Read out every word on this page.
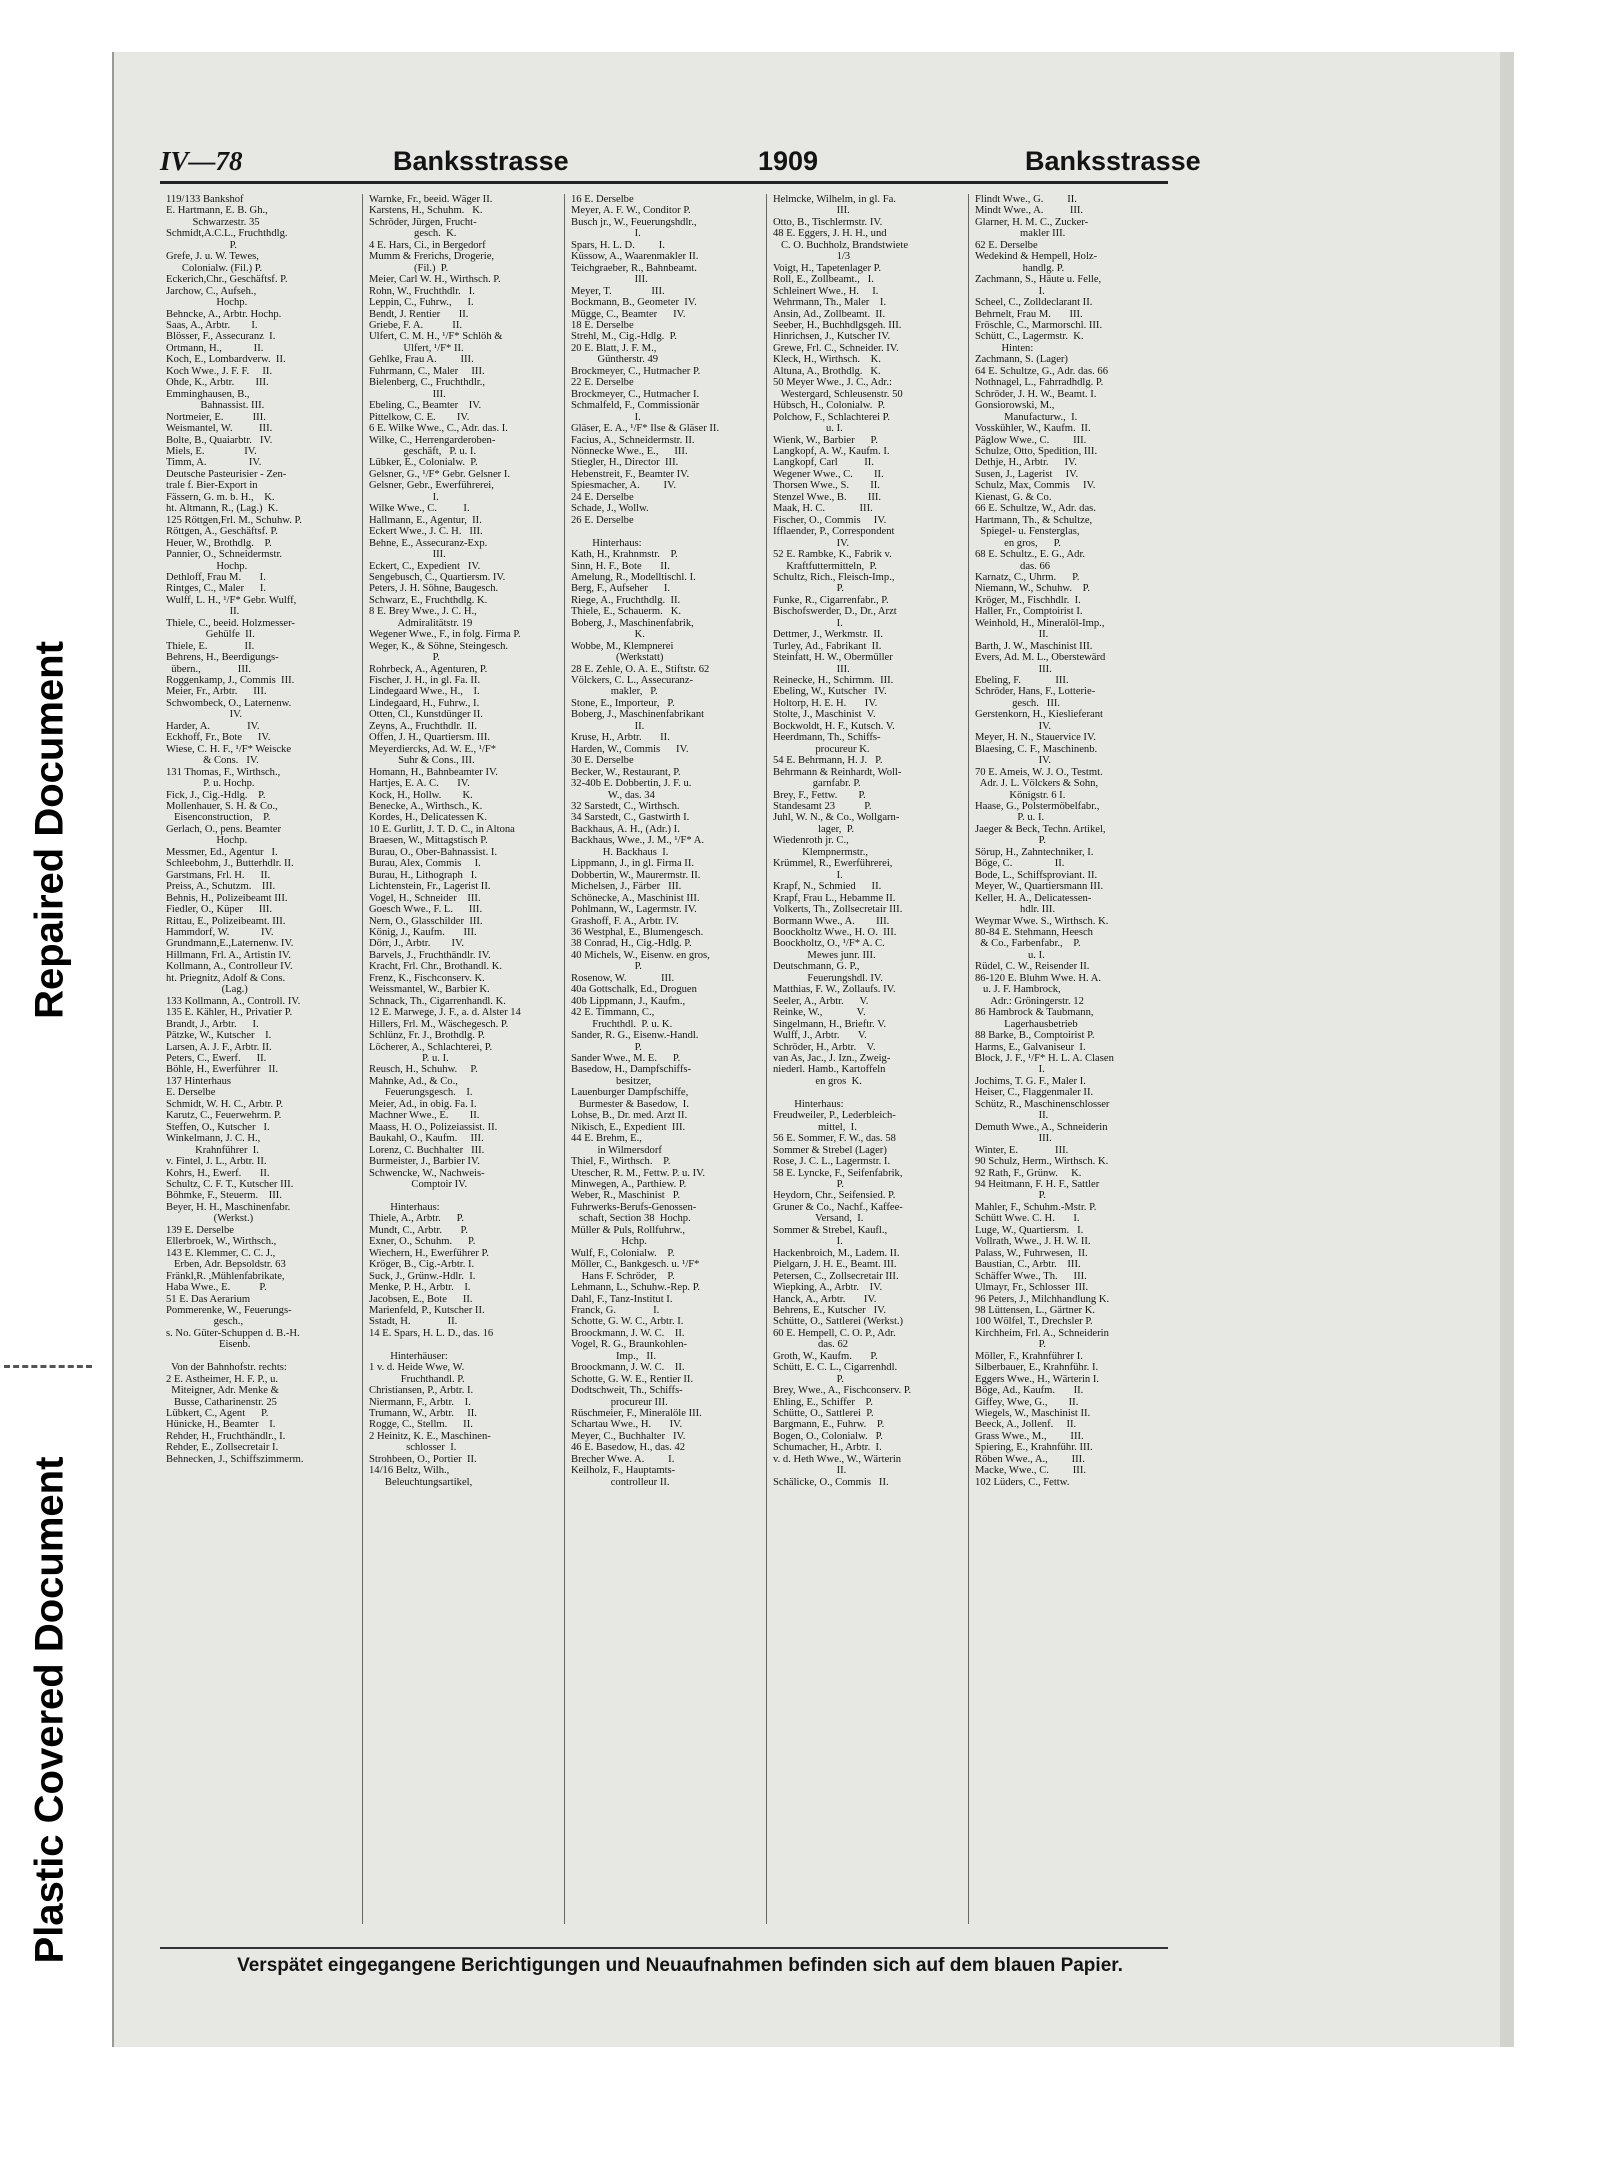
Repaired Document
Plastic Covered Document
IV—78	Banksstrasse	1909	Banksstrasse
119/133 Bankshof
E. Hartmann, E. B. Gh.,
Schwarzestr. 35
Schmidt,A.C.L., Fruchthdlg.
P.
Grefe, J. u. W. Tewes,
Colonialw. (Fil.) P.
Eckerich,Chr., Geschäftsf. P.
Jarchow, C., Aufseh.,
Hochp.
Behncke, A., Arbtr. Hochp.
Saas, A., Arbtr.        I.
Blösser, F., Assecuranz  I.
Ortmann, H.,            II.
Koch, E., Lombardverw.  II.
Koch Wwe., J. F. F.     II.
Ohde, K., Arbtr.        III.
Emminghausen, B.,
Bahnassist. III.
Nortmeier, E.           III.
Weismantel, W.          III.
Bolte, B., Quaiarbtr.   IV.
Miels, E.               IV.
Timm, A.                IV.
Deutsche Pasteurisier - Zen-
trale f. Bier-Export in
Fässern, G. m. b. H.,    K.
ht. Altmann, R., (Lag.)  K.
125 Röttgen,Frl. M., Schuhw. P.
Röttgen, A., Geschäftsf. P.
Heuer, W., Brothdlg.    P.
Pannier, O., Schneidermstr.
Hochp.
Dethloff, Frau M.       I.
Rintges, C., Maler      I.
Wulff, L. H., ¹/F* Gebr. Wulff,
II.
Thiele, C., beeid. Holzmesser-
Gehülfe  II.
Thiele, E.              II.
Behrens, H., Beerdigungs-
übern.,              III.
Roggenkamp, J., Commis  III.
Meier, Fr., Arbtr.      III.
Schwombeck, O., Laternenw.
IV.
Harder, A.              IV.
Eckhoff, Fr., Bote      IV.
Wiese, C. H. F., ¹/F* Weiscke
& Cons.   IV.
131 Thomas, F., Wirthsch.,
P. u. Hochp.
Fick, J., Cig.-Hdlg.    P.
Mollenhauer, S. H. & Co.,
Eisenconstruction,    P.
Gerlach, O., pens. Beamter
Hochp.
Messmer, Ed., Agentur   I.
Schleebohm, J., Butterhdlr. II.
Garstmans, Frl. H.      II.
Preiss, A., Schutzm.    III.
Behnis, H., Polizeibeamt III.
Fiedler, O., Küper      III.
Rittau, E., Polizeibeamt. III.
Hammdorf, W.            IV.
Grundmann,E.,Laternenw. IV.
Hillmann, Frl. A., Artistin IV.
Kollmann, A., Controlleur IV.
ht. Priegnitz, Adolf & Cons.
(Lag.)
133 Kollmann, A., Controll. IV.
135 E. Kähler, H., Privatier P.
Brandt, J., Arbtr.      I.
Pätzke, W., Kutscher    I.
Larsen, A. J. F., Arbtr. II.
Peters, C., Ewerf.      II.
Böhle, H., Ewerführer   II.
137 Hinterhaus
E. Derselbe
Schmidt, W. H. C., Arbtr. P.
Karutz, C., Feuerwehrm. P.
Steffen, O., Kutscher   I.
Winkelmann, J. C. H.,
Krahnführer  I.
v. Fintel, J. L., Arbtr. II.
Kohrs, H., Ewerf.       II.
Schultz, C. F. T., Kutscher III.
Böhmke, F., Steuerm.    III.
Beyer, H. H., Maschinenfabr.
(Werkst.)
139 E. Derselbe
Ellerbroek, W., Wirthsch.,
143 E. Klemmer, C. C. J.,
Erben, Adr. Bepsoldstr. 63
Fränkl,R. ,Mühlenfabrikate,
Haba Wwe., E.           P.
51 E. Das Aerarium
Pommerenke, W., Feuerungs-
gesch.,
s. No. Güter-Schuppen d. B.-H.
Eisenb.

Von der Bahnhofstr. rechts:
2 E. Astheimer, H. F. P., u.
Miteigner, Adr. Menke &
Busse, Catharinenstr. 25
Lübkert, C., Agent      P.
Hünicke, H., Beamter    I.
Rehder, H., Fruchthändlr., I.
Rehder, E., Zollsecretair I.
Behnecken, J., Schiffszimmerm.
Warnke, Fr., beeid. Wäger II.
Karstens, H., Schuhm.   K.
Schröder, Jürgen, Frucht-
gesch.  K.
4 E. Hars, Ci., in Bergedorf
Mumm & Frerichs, Drogerie,
(Fil.)  P.
Meier, Carl W. H., Wirthsch. P.
Rohn, W., Fruchthdlr.   I.
Leppin, C., Fuhrw.,      I.
Bendt, J. Rentier       II.
Griebe, F. A.           II.
Ulfert, C. M. H., ¹/F* Schlöh &
Ulfert, ¹/F* II.
Gehlke, Frau A.         III.
Fuhrmann, C., Maler     III.
Bielenberg, C., Fruchthdlr.,
III.
Ebeling, C., Beamter    IV.
Pittelkow, C. E.        IV.
6 E. Wilke Wwe., C., Adr. das. I.
Wilke, C., Herrengarderoben-
geschäft,   P. u. I.
Lübker, E., Colonialw.  P.
Gelsner, G., ¹/F* Gebr. Gelsner I.
Gelsner, Gebr., Ewerführerei,
I.
Wilke Wwe., C.          I.
Hallmann, E., Agentur,  II.
Eckert Wwe., J. C. H.   III.
Behne, E., Assecuranz-Exp.
III.
Eckert, C., Expedient   IV.
Sengebusch, C., Quartiersm. IV.
Peters, J. H. Söhne, Baugesch.
Schwarz, E., Fruchthdlg. K.
8 E. Brey Wwe., J. C. H.,
Admiralitätstr. 19
Wegener Wwe., F., in folg. Firma P.
Weger, K., & Söhne, Steingesch.
P.
Rohrbeck, A., Agenturen, P.
Fischer, J. H., in gl. Fa. II.
Lindegaard Wwe., H.,    I.
Lindegaard, H., Fuhrw., I.
Otten, Cl., Kunstdünger II.
Zeyns, A., Fruchthdlr.  II.
Offen, J. H., Quartiersm. III.
Meyerdiercks, Ad. W. E., ¹/F*
Suhr & Cons., III.
Homann, H., Bahnbeamter IV.
Hartjes, E. A. C.       IV.
Kock, H., Hollw.        K.
Benecke, A., Wirthsch., K.
Kordes, H., Delicatessen K.
10 E. Gurlitt, J. T. D. C., in Altona
Braesen, W., Mittagstisch P.
Burau, O., Ober-Bahnassist. I.
Burau, Alex, Commis     I.
Burau, H., Lithograph   I.
Lichtenstein, Fr., Lagerist II.
Vogel, H., Schneider    III.
Goesch Wwe., F. L.      III.
Nern, O., Glasschilder  III.
König, J., Kaufm.       III.
Dörr, J., Arbtr.        IV.
Barvels, J., Fruchthändlr. IV.
Kracht, Frl. Chr., Brothandl. K.
Frenz, K., Fischconserv. K.
Weissmantel, W., Barbier K.
Schnack, Th., Cigarrenhandl. K.
12 E. Marwege, J. F., a. d. Alster 14
Hillers, Frl. M., Wäschegesch. P.
Schlünz, Fr. J., Brothdlg. P.
Löcherer, A., Schlachterei, P.
P. u. I.
Reusch, H., Schuhw.     P.
Mahnke, Ad., & Co.,
Feuerungsgesch.    I.
Meier, Ad., in obig. Fa. I.
Machner Wwe., E.        II.
Maass, H. O., Polizeiassist. II.
Baukahl, O., Kaufm.     III.
Lorenz, C. Buchhalter   III.
Burmeister, J., Barbier IV.
Schwencke, W., Nachweis-
Comptoir IV.

Hinterhaus:
Thiele, A., Arbtr.      P.
Mundt, C., Arbtr.       P.
Exner, O., Schuhm.      P.
Wiechern, H., Ewerführer P.
Kröger, B., Cig.-Arbtr. I.
Suck, J., Grünw.-Hdlr.  I.
Menke, P. H., Arbtr.    I.
Jacobsen, E., Bote      II.
Marienfeld, P., Kutscher II.
Sstadt, H.              II.
14 E. Spars, H. L. D., das. 16

Hinterhäuser:
1 v. d. Heide Wwe, W.
Fruchthandl. P.
Christiansen, P., Arbtr. I.
Niermann, F., Arbtr.    I.
Trumann, W., Arbtr.     II.
Rogge, C., Stellm.      II.
2 Heinitz, K. E., Maschinen-
schlosser  I.
Strohbeen, O., Portier  II.
14/16 Beltz, Wilh.,
Beleuchtungsartikel,
16 E. Derselbe
Meyer, A. F. W., Conditor P.
Busch jr., W., Feuerungshdlr.,
I.
Spars, H. L. D.         I.
Küssow, A., Waarenmakler II.
Teichgraeber, R., Bahnbeamt.
III.
Meyer, T.               III.
Bockmann, B., Geometer  IV.
Mügge, C., Beamter      IV.
18 E. Derselbe
Strehl, M., Cig.-Hdlg.  P.
20 E. Blatt, J. F. M.,
Güntherstr. 49
Brockmeyer, C., Hutmacher P.
22 E. Derselbe
Brockmeyer, C., Hutmacher I.
Schmalfeld, F., Commissionär
I.
Gläser, E. A., ¹/F* Ilse & Gläser II.
Facius, A., Schneidermstr. II.
Nönnecke Wwe., E.,      III.
Stiegler, H., Director  III.
Hebenstreit, F., Beamter IV.
Spiesmacher, A.         IV.
24 E. Derselbe
Schade, J., Wollw.
26 E. Derselbe

Hinterhaus:
Kath, H., Krahnmstr.    P.
Sinn, H. F., Bote       II.
Amelung, R., Modelltischl. I.
Berg, F., Aufseher      I.
Riege, A., Fruchthdlg.  II.
Thiele, E., Schauerm.   K.
Boberg, J., Maschinenfabrik,
K.
Wobbe, M., Klempnerei
(Werkstatt)
28 E. Zehle, O. A. E., Stiftstr. 62
Völckers, C. L., Assecuranz-
makler,   P.
Stone, E., Importeur,   P.
Boberg, J., Maschinenfabrikant
II.
Kruse, H., Arbtr.       II.
Harden, W., Commis      IV.
30 E. Derselbe
Becker, W., Restaurant, P.
32-40b E. Dobbertin, J. F. u.
W., das. 34
32 Sarstedt, C., Wirthsch.
34 Sarstedt, C., Gastwirth I.
Backhaus, A. H., (Adr.) I.
Backhaus, Wwe., J. M., ¹/F* A.
H. Backhaus  I.
Lippmann, J., in gl. Firma II.
Dobbertin, W., Maurermstr. II.
Michelsen, J., Färber   III.
Schönecke, A., Maschinist III.
Pohlmann, W., Lagermstr. IV.
Grashoff, F. A., Arbtr. IV.
36 Westphal, E., Blumengesch.
38 Conrad, H., Cig.-Hdlg. P.
40 Michels, W., Eisenw. en gros,
P.
Rosenow, W.             III.
40a Gottschalk, Ed., Droguen
40b Lippmann, J., Kaufm.,
42 E. Timmann, C.,
Fruchthdl.  P. u. K.
Sander, R. G., Eisenw.-Handl.
P.
Sander Wwe., M. E.      P.
Basedow, H., Dampfschiffs-
besitzer,
Lauenburger Dampfschiffe,
Burmester & Basedow,  I.
Lohse, B., Dr. med. Arzt II.
Nikisch, E., Expedient  III.
44 E. Brehm, E.,
in Wilmersdorf
Thiel, F., Wirthsch.    P.
Utescher, R. M., Fettw. P. u. IV.
Minwegen, A., Parthiew. P.
Weber, R., Maschinist   P.
Fuhrwerks-Berufs-Genossen-
schaft, Section 38  Hochp.
Müller & Puls, Rollfuhrw.,
Hchp.
Wulf, F., Colonialw.    P.
Möller, C., Bankgesch. u. ¹/F*
Hans F. Schröder,    P.
Lehmann, L., Schuhw.-Rep. P.
Dahl, F., Tanz-Institut I.
Franck, G.              I.
Schotte, G. W. C., Arbtr. I.
Broockmann, J. W. C.    II.
Vogel, R. G., Braunkohlen-
Imp.,   II.
Broockmann, J. W. C.    II.
Schotte, G. W. E., Rentier II.
Dodtschweit, Th., Schiffs-
procureur III.
Rüschmeier, F., Mineralöle III.
Schartau Wwe., H.       IV.
Meyer, C., Buchhalter   IV.
46 E. Basedow, H., das. 42
Brecher Wwe. A.         I.
Keilholz, F., Hauptamts-
controlleur II.
Helmcke, Wilhelm, in gl. Fa.
III.
Otto, B., Tischlermstr. IV.
48 E. Eggers, J. H. H., und
C. O. Buchholz, Brandstwiete
1/3
Voigt, H., Tapetenlager P.
Roll, E., Zollbeamt.,   I.
Schleinert Wwe., H.     I.
Wehrmann, Th., Maler    I.
Ansin, Ad., Zollbeamt.  II.
Seeber, H., Buchhdlgsgeh. III.
Hinrichsen, J., Kutscher IV.
Grewe, Frl. C., Schneider. IV.
Kleck, H., Wirthsch.    K.
Altuna, A., Brothdlg.   K.
50 Meyer Wwe., J. C., Adr.:
Westergard, Schleusenstr. 50
Hübsch, H., Colonialw.  P.
Polchow, F., Schlachterei P.
u. I.
Wienk, W., Barbier      P.
Langkopf, A. W., Kaufm. I.
Langkopf, Carl          II.
Wegener Wwe., C.        II.
Thorsen Wwe., S.        II.
Stenzel Wwe., B.        III.
Maak, H. C.             III.
Fischer, O., Commis     IV.
Ifflaender, P., Correspondent
IV.
52 E. Rambke, K., Fabrik v.
Kraftfuttermitteln,  P.
Schultz, Rich., Fleisch-Imp.,
P.
Funke, R., Cigarrenfabr., P.
Bischofswerder, D., Dr., Arzt
I.
Dettmer, J., Werkmstr.  II.
Turley, Ad., Fabrikant  II.
Steinfatt, H. W., Obermüller
III.
Reinecke, H., Schirmm.  III.
Ebeling, W., Kutscher   IV.
Holtorp, H. E. H.       IV.
Stolte, J., Maschinist  V.
Bockwoldt, H. F., Kutsch. V.
Heerdmann, Th., Schiffs-
procureur K.
54 E. Behrmann, H. J.   P.
Behrmann & Reinhardt, Woll-
garnfabr. P.
Brey, F., Fettw.        P.
Standesamt 23           P.
Juhl, W. N., & Co., Wollgarn-
lager,  P.
Wiedenroth jr. C.,
Klempnermstr.,
Krümmel, R., Ewerführerei,
I.
Krapf, N., Schmied      II.
Krapf, Frau L., Hebamme II.
Volkerts, Th., Zollsecretair III.
Bormann Wwe., A.        III.
Boockholtz Wwe., H. O.  III.
Boockholtz, O., ¹/F* A. C.
Mewes junr. III.
Deutschmann, G. P.,
Feuerungshdl. IV.
Matthias, F. W., Zollaufs. IV.
Seeler, A., Arbtr.      V.
Reinke, W.,             V.
Singelmann, H., Brieftr. V.
Wulff, J., Arbtr.       V.
Schröder, H., Arbtr.    V.
van As, Jac., J. Izn., Zweig-
niederl. Hamb., Kartoffeln
en gros  K.

Hinterhaus:
Freudweiler, P., Lederbleich-
mittel,  I.
56 E. Sommer, F. W., das. 58
Sommer & Strebel (Lager)
Rose, J. C. L., Lagermstr. I.
58 E. Lyncke, F., Seifenfabrik,
P.
Heydorn, Chr., Seifensied. P.
Gruner & Co., Nachf., Kaffee-
Versand,  I.
Sommer & Strebel, Kaufl.,
I.
Hackenbroich, M., Ladem. II.
Pielgarn, J. H. E., Beamt. III.
Petersen, C., Zollsecretair III.
Wiepking, A., Arbtr.    IV.
Hanck, A., Arbtr.       IV.
Behrens, E., Kutscher   IV.
Schütte, O., Sattlerei (Werkst.)
60 E. Hempell, C. O. P., Adr.
das. 62
Groth, W., Kaufm.       P.
Schütt, E. C. L., Cigarrenhdl.
P.
Brey, Wwe., A., Fischconserv. P.
Ehling, E., Schiffer    P.
Schütte, O., Sattlerei  P.
Bargmann, E., Fuhrw.    P.
Bogen, O., Colonialw.   P.
Schumacher, H., Arbtr.  I.
v. d. Heth Wwe., W., Wärterin
II.
Schälicke, O., Commis   II.
Flindt Wwe., G.         II.
Mindt Wwe., A.          III.
Glarner, H. M. C., Zucker-
makler III.
62 E. Derselbe
Wedekind & Hempell, Holz-
handlg. P.
Zachmann, S., Häute u. Felle,
I.
Scheel, C., Zolldeclarant II.
Behrnelt, Frau M.       III.
Fröschle, C., Marmorschl. III.
Schütt, C., Lagermstr.  K.
Hinten:
Zachmann, S. (Lager)
64 E. Schultze, G., Adr. das. 66
Nothnagel, L., Fahrradhdlg. P.
Schröder, J. H. W., Beamt. I.
Gonsiorowski, M.,
Manufacturw.,  I.
Vosskühler, W., Kaufm.  II.
Päglow Wwe., C.         III.
Schulze, Otto, Spedition, III.
Dethje, H., Arbtr.      IV.
Susen, J., Lagerist     IV.
Schulz, Max, Commis     IV.
Kienast, G. & Co.
66 E. Schultze, W., Adr. das.
Hartmann, Th., & Schultze,
Spiegel- u. Fensterglas,
en gros,      P.
68 E. Schultz., E. G., Adr.
das. 66
Karnatz, C., Uhrm.      P.
Niemann, W., Schuhw.    P.
Kröger, M., Fischhdlr.  I.
Haller, Fr., Comptoirist I.
Weinhold, H., Mineralöl-Imp.,
II.
Barth, J. W., Maschinist III.
Evers, Ad. M. L., Oberstewärd
III.
Ebeling, F.             III.
Schröder, Hans, F., Lotterie-
gesch.   III.
Gerstenkorn, H., Kieslieferant
IV.
Meyer, H. N., Stauervice IV.
Blaesing, C. F., Maschinenb.
IV.
70 E. Ameis, W. J. O., Testmt.
Adr. J. L. Völckers & Sohn,
Königstr. 6 I.
Haase, G., Polstermöbelfabr.,
P. u. I.
Jaeger & Beck, Techn. Artikel,
P.
Sörup, H., Zahntechniker, I.
Böge, C.                II.
Bode, L., Schiffsproviant. II.
Meyer, W., Quartiersmann III.
Keller, H. A., Delicatessen-
hdlr. III.
Weymar Wwe. S., Wirthsch. K.
80-84 E. Stehmann, Heesch
& Co., Farbenfabr.,    P.
u. I.
Rüdel, C. W., Reisender II.
86-120 E. Bluhm Wwe. H. A.
u. J. F. Hambrock,
Adr.: Gröningerstr. 12
86 Hambrock & Taubmann,
Lagerhausbetrieb
88 Barke, B., Comptoirist P.
Harms, E., Galvaniseur  I.
Block, J. F., ¹/F* H. L. A. Clasen
I.
Jochims, T. G. F., Maler I.
Heiser, C., Flaggenmaler II.
Schütz, R., Maschinenschlosser
II.
Demuth Wwe., A., Schneiderin
III.
Winter, E.              III.
90 Schulz, Herm., Wirthsch. K.
92 Rath, F., Grünw.     K.
94 Heitmann, F. H. F., Sattler
P.
Mahler, F., Schuhm.-Mstr. P.
Schütt Wwe. C. H.       I.
Luge, W., Quartiersm.   I.
Vollrath, Wwe., J. H. W. II.
Palass, W., Fuhrwesen,  II.
Baustian, C., Arbtr.    III.
Schäffer Wwe., Th.      III.
Ulmayr, Fr., Schlosser  III.
96 Peters, J., Milchhandlung K.
98 Lüttensen, L., Gärtner K.
100 Wölfel, T., Drechsler P.
Kirchheim, Frl. A., Schneiderin
P.
Möller, F., Krahnführer I.
Silberbauer, E., Krahnführ. I.
Eggers Wwe., H., Wärterin I.
Böge, Ad., Kaufm.       II.
Giffey, Wwe, G.,        II.
Wiegels, W., Maschinist II.
Beeck, A., Jollenf.     II.
Grass Wwe., M.,         III.
Spiering, E., Krahnführ. III.
Röben Wwe., A.,         III.
Macke, Wwe., C.         III.
102 Lüders, C., Fettw.
Verspätet eingegangene Berichtigungen und Neuaufnahmen befinden sich auf dem blauen Papier.
